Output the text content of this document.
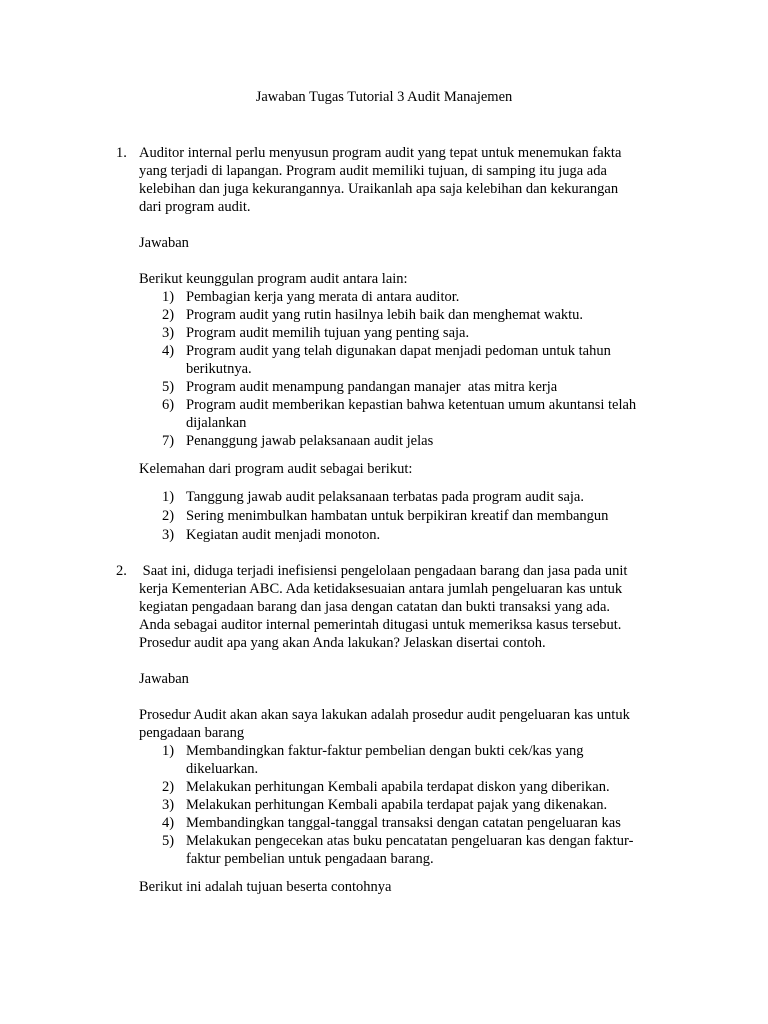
Jawaban Tugas Tutorial 3 Audit Manajemen
1. Auditor internal perlu menyusun program audit yang tepat untuk menemukan fakta
yang terjadi di lapangan. Program audit memiliki tujuan, di samping itu juga ada
kelebihan dan juga kekurangannya. Uraikanlah apa saja kelebihan dan kekurangan
dari program audit.
Jawaban
Berikut keunggulan program audit antara lain:
1) Pembagian kerja yang merata di antara auditor.
2) Program audit yang rutin hasilnya lebih baik dan menghemat waktu.
3) Program audit memilih tujuan yang penting saja.
4) Program audit yang telah digunakan dapat menjadi pedoman untuk tahun
berikutnya.
5) Program audit menampung pandangan manajer  atas mitra kerja
6) Program audit memberikan kepastian bahwa ketentuan umum akuntansi telah
dijalankan
7) Penanggung jawab pelaksanaan audit jelas
Kelemahan dari program audit sebagai berikut:
1) Tanggung jawab audit pelaksanaan terbatas pada program audit saja.
2) Sering menimbulkan hambatan untuk berpikiran kreatif dan membangun
3) Kegiatan audit menjadi monoton.
2. Saat ini, diduga terjadi inefisiensi pengelolaan pengadaan barang dan jasa pada unit
kerja Kementerian ABC. Ada ketidaksesuaian antara jumlah pengeluaran kas untuk
kegiatan pengadaan barang dan jasa dengan catatan dan bukti transaksi yang ada.
Anda sebagai auditor internal pemerintah ditugasi untuk memeriksa kasus tersebut.
Prosedur audit apa yang akan Anda lakukan? Jelaskan disertai contoh.
Jawaban
Prosedur Audit akan akan saya lakukan adalah prosedur audit pengeluaran kas untuk
pengadaan barang
1) Membandingkan faktur-faktur pembelian dengan bukti cek/kas yang
dikeluarkan.
2) Melakukan perhitungan Kembali apabila terdapat diskon yang diberikan.
3) Melakukan perhitungan Kembali apabila terdapat pajak yang dikenakan.
4) Membandingkan tanggal-tanggal transaksi dengan catatan pengeluaran kas
5) Melakukan pengecekan atas buku pencatatan pengeluaran kas dengan faktur-
faktur pembelian untuk pengadaan barang.
Berikut ini adalah tujuan beserta contohnya
